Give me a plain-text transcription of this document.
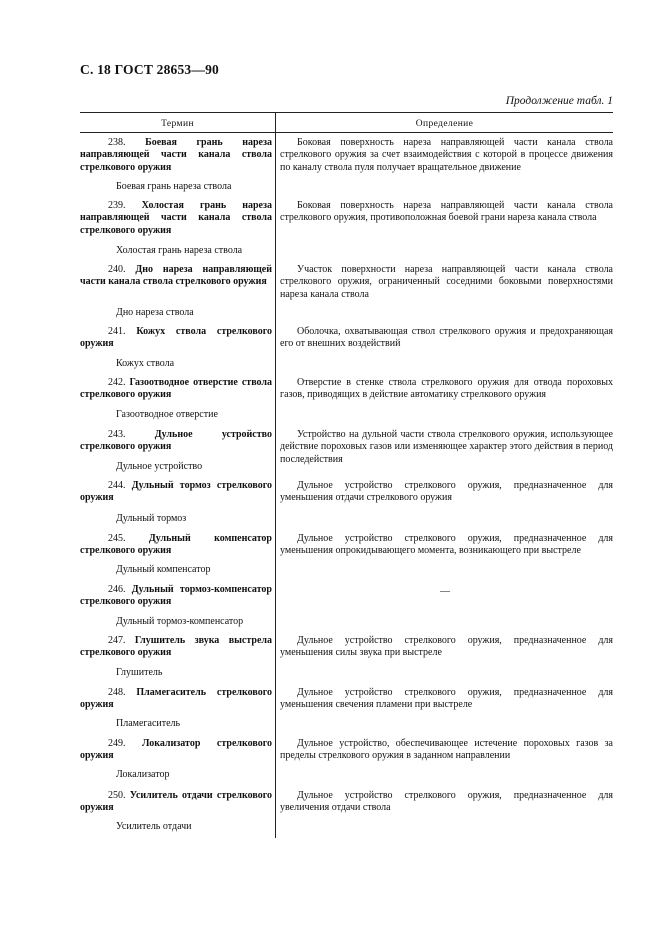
С. 18 ГОСТ 28653—90
Продолжение табл. 1
Термин	Определение
238. Боевая грань нареза направляющей части канала ствола стрелкового оружия
Боковая поверхность нареза направляющей части канала ствола стрелкового оружия за счет взаимодействия с которой в процессе движения по каналу ствола пуля получает вращательное движение
Боевая грань нареза ствола
239. Холостая грань нареза направляющей части канала ствола стрелкового оружия
Боковая поверхность нареза направляющей части канала ствола стрелкового оружия, противоположная боевой грани нареза канала ствола
Холостая грань нареза ствола
240. Дно нареза направляющей части канала ствола стрелкового оружия
Участок поверхности нареза направляющей части канала ствола стрелкового оружия, ограниченный соседними боковыми поверхностями нареза канала ствола
Дно нареза ствола
241. Кожух ствола стрелкового оружия
Оболочка, охватывающая ствол стрелкового оружия и предохраняющая его от внешних воздействий
Кожух ствола
242. Газоотводное отверстие ствола стрелкового оружия
Отверстие в стенке ствола стрелкового оружия для отвода пороховых газов, приводящих в действие автоматику стрелкового оружия
Газоотводное отверстие
243.	Дульное устройство стрелкового оружия
Устройство на дульной части ствола стрелкового оружия, использующее действие пороховых газов или изменяющее характер этого действия в период последействия
Дульное устройство
244. Дульный тормоз стрелкового оружия
Дульное устройство стрелкового оружия, предназначенное для уменьшения отдачи стрелкового оружия
Дульный тормоз
245. Дульный компенсатор стрелкового оружия
Дульное устройство стрелкового оружия, предназначенное для уменьшения опрокидывающего момента, возникающего при выстреле
Дульный компенсатор
246. Дульный тормоз-компенсатор стрелкового оружия
—
Дульный тормоз-компенсатор
247. Глушитель звука выстрела стрелкового оружия
Дульное устройство стрелкового оружия, предназначенное для уменьшения силы звука при выстреле
Глушитель
248. Пламегаситель стрелкового оружия
Дульное устройство стрелкового оружия, предназначенное для уменьшения свечения пламени при выстреле
Пламегаситель
249. Локализатор стрелкового оружия
Дульное устройство, обеспечивающее истечение пороховых газов за пределы стрелкового оружия в заданном направлении
Локализатор
250. Усилитель отдачи стрелкового оружия
Дульное устройство стрелкового оружия, предназначенное для увеличения отдачи ствола
Усилитель отдачи
